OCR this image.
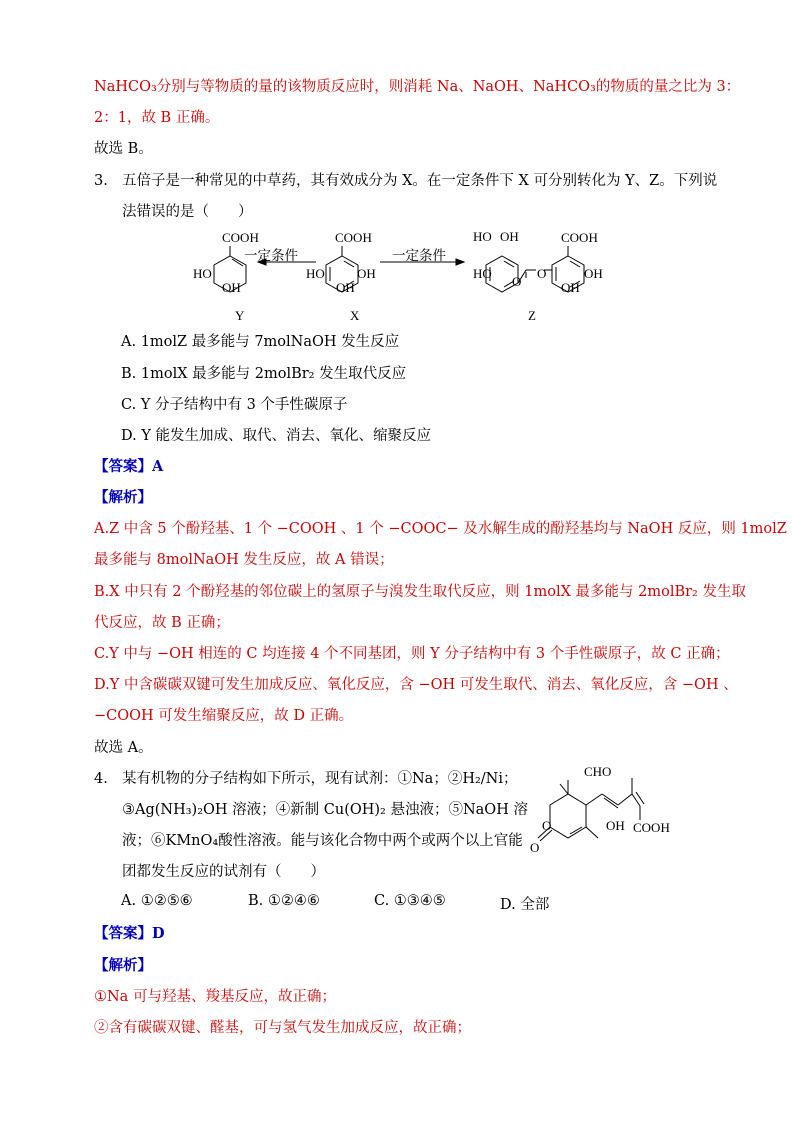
NaHCO₃分别与等物质的量的该物质反应时，则消耗 Na、NaOH、NaHCO₃的物质的量之比为 3：
2：1，故 B 正确。
故选 B。
3. 五倍子是一种常见的中草药，其有效成分为 X。在一定条件下 X 可分别转化为 Y、Z。下列说
法错误的是（　　）
COOH
HO
OH
COOH
HO OH
OH
一定条件	一定条件
HO OH
HO
O
O
COOH
OH
OH
Y	X	Z
A. 1molZ 最多能与 7molNaOH 发生反应
B. 1molX 最多能与 2molBr₂ 发生取代反应
C. Y 分子结构中有 3 个手性碳原子
D. Y 能发生加成、取代、消去、氧化、缩聚反应
【答案】A
【解析】
A.Z 中含 5 个酚羟基、1 个 −COOH 、1 个 −COOC− 及水解生成的酚羟基均与 NaOH 反应，则 1molZ
最多能与 8molNaOH 发生反应，故 A 错误；
B.X 中只有 2 个酚羟基的邻位碳上的氢原子与溴发生取代反应，则 1molX 最多能与 2molBr₂ 发生取
代反应，故 B 正确；
C.Y 中与 −OH 相连的 C 均连接 4 个不同基团，则 Y 分子结构中有 3 个手性碳原子，故 C 正确；
D.Y 中含碳碳双键可发生加成反应、氧化反应，含 −OH 可发生取代、消去、氧化反应，含 −OH 、
−COOH 可发生缩聚反应，故 D 正确。
故选 A。
4. 某有机物的分子结构如下所示，现有试剂：①Na；②H₂/Ni；
③Ag(NH₃)₂OH 溶液；④新制 Cu(OH)₂ 悬浊液；⑤NaOH 溶
液；⑥KMnO₄酸性溶液。能与该化合物中两个或两个以上官能
团都发生反应的试剂有（　　）
CHO
OH COOH
O
O
A. ①②⑤⑥	B. ①②④⑥	C. ①③④⑤	D. 全部
【答案】D
【解析】
①Na 可与羟基、羧基反应，故正确；
②含有碳碳双键、醛基，可与氢气发生加成反应，故正确；
